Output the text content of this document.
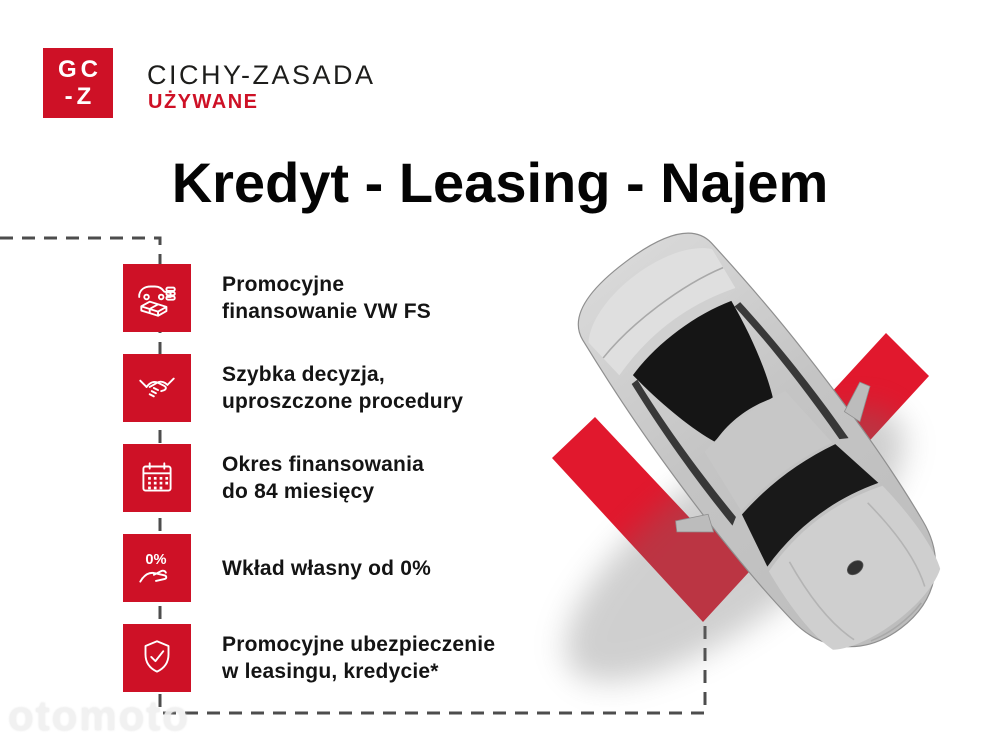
GC
-Z
CICHY-ZASADA
UŻYWANE
Kredyt - Leasing - Najem
Promocyjne
finansowanie VW FS
Szybka decyzja,
uproszczone procedury
Okres finansowania
do 84 miesięcy
0%	Wkład własny od 0%
Promocyjne ubezpieczenie
w leasingu, kredycie*
otomoto
